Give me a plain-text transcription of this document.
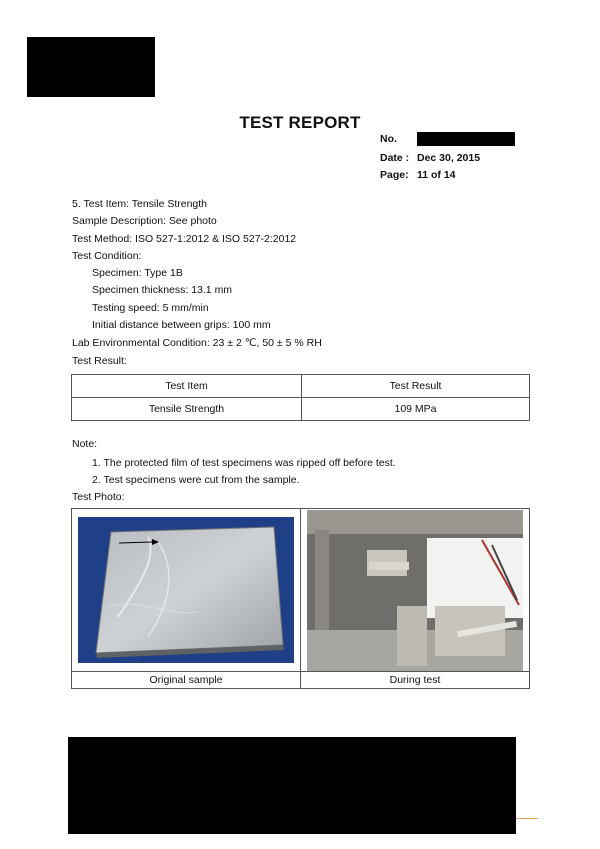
TEST REPORT
No. :
Date : Dec 30, 2015
Page: 11 of 14
5. Test Item: Tensile Strength
Sample Description: See photo
Test Method: ISO 527-1:2012 & ISO 527-2:2012
Test Condition:
Specimen: Type 1B
Specimen thickness: 13.1 mm
Testing speed: 5 mm/min
Initial distance between grips: 100 mm
Lab Environmental Condition: 23 ± 2 ℃, 50 ± 5 % RH
Test Result:
Test Item	Test Result
Tensile Strength	109 MPa
Note:
1. The protected film of test specimens was ripped off before test.
2. Test specimens were cut from the sample.
Test Photo:

Original sample	During test
